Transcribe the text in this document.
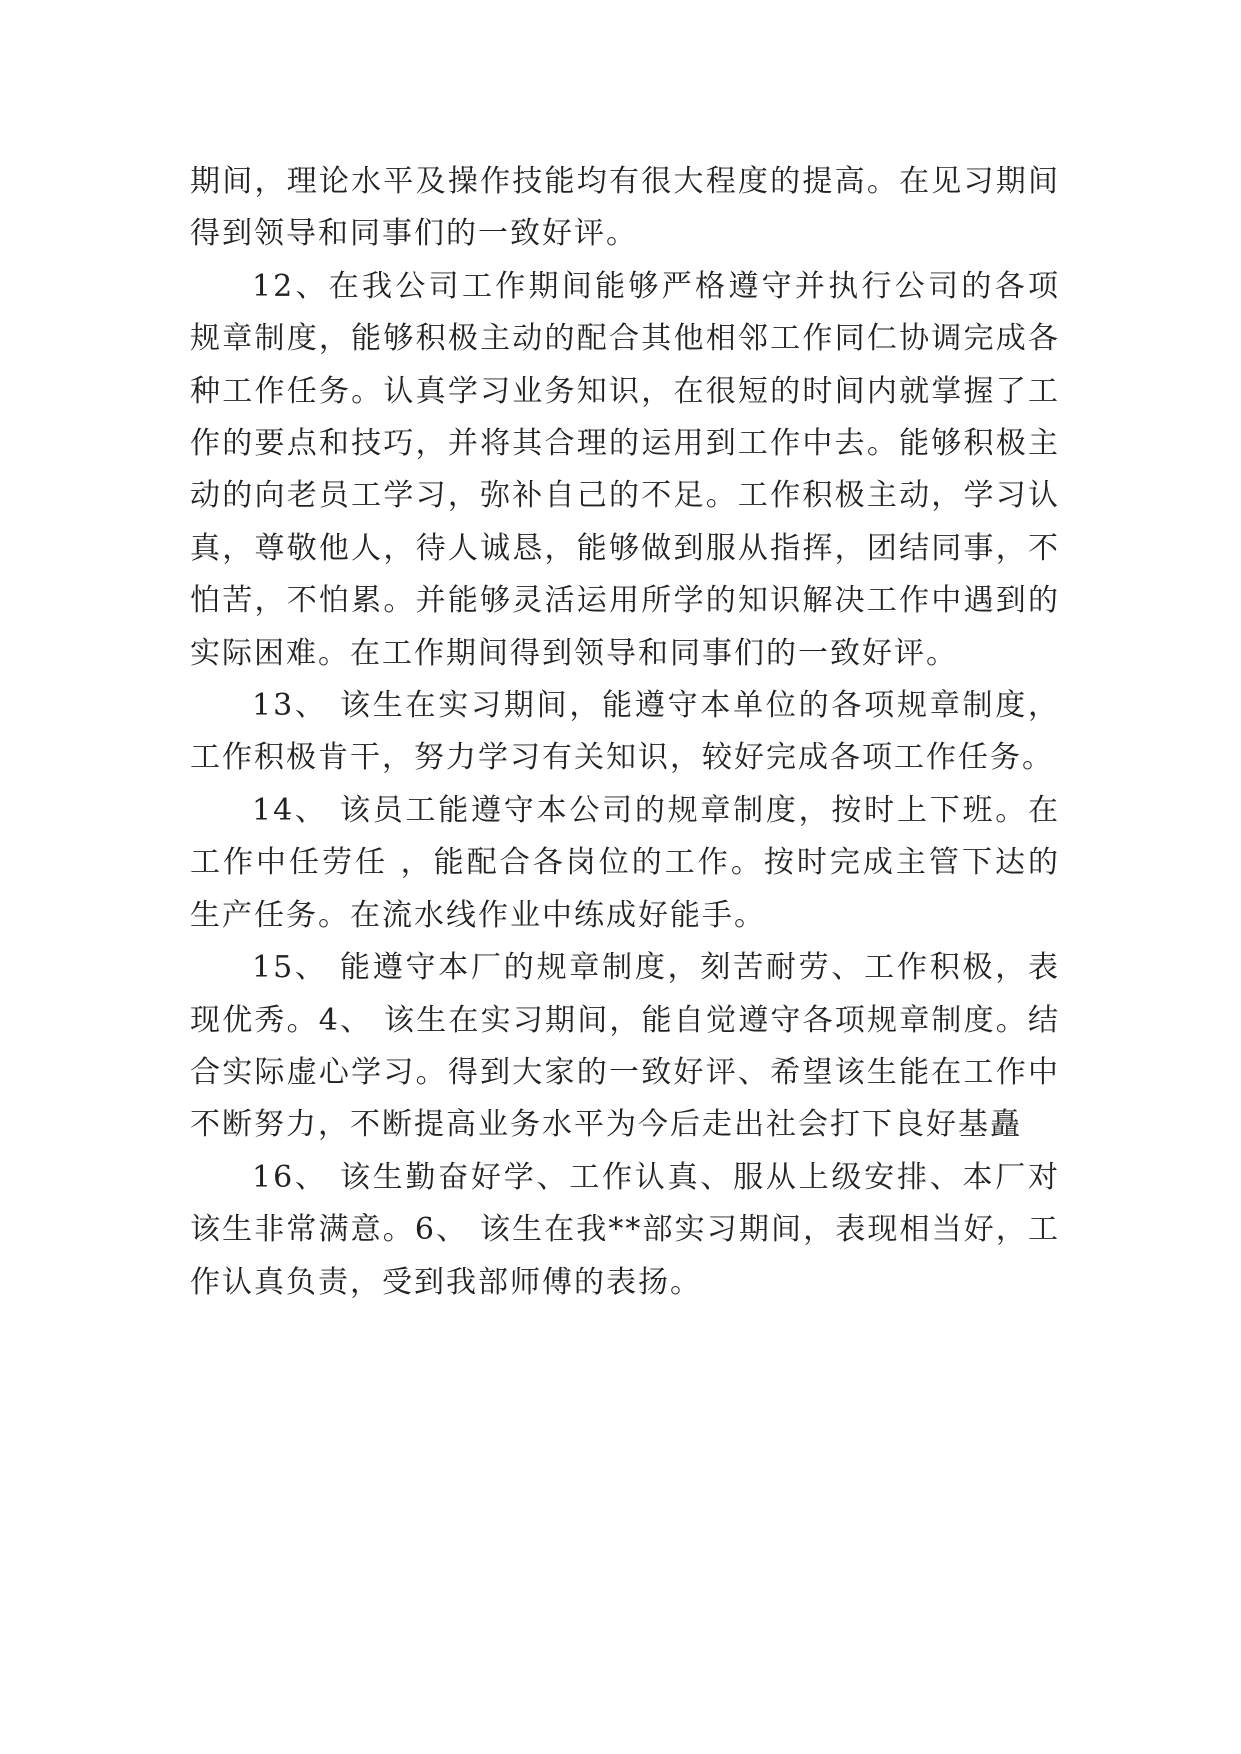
期间，理论水平及操作技能均有很大程度的提高。在见习期间得到领导和同事们的一致好评。

12、在我公司工作期间能够严格遵守并执行公司的各项规章制度，能够积极主动的配合其他相邻工作同仁协调完成各种工作任务。认真学习业务知识，在很短的时间内就掌握了工作的要点和技巧，并将其合理的运用到工作中去。能够积极主动的向老员工学习，弥补自己的不足。工作积极主动，学习认真，尊敬他人，待人诚恳，能够做到服从指挥，团结同事，不怕苦，不怕累。并能够灵活运用所学的知识解决工作中遇到的实际困难。在工作期间得到领导和同事们的一致好评。

13、 该生在实习期间，能遵守本单位的各项规章制度，工作积极肯干，努力学习有关知识，较好完成各项工作任务。

14、 该员工能遵守本公司的规章制度，按时上下班。在工作中任劳任 ，能配合各岗位的工作。按时完成主管下达的生产任务。在流水线作业中练成好能手。

15、 能遵守本厂的规章制度，刻苦耐劳、工作积极，表现优秀。4、 该生在实习期间，能自觉遵守各项规章制度。结合实际虚心学习。得到大家的一致好评、希望该生能在工作中不断努力，不断提高业务水平为今后走出社会打下良好基矗

16、 该生勤奋好学、工作认真、服从上级安排、本厂对该生非常满意。6、 该生在我**部实习期间，表现相当好，工作认真负责，受到我部师傅的表扬。
